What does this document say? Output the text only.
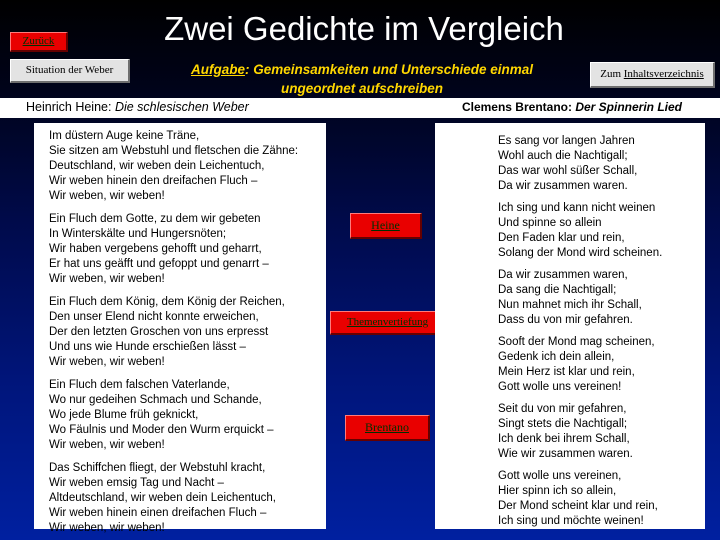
Zwei Gedichte im Vergleich
Zurück
Situation der Weber	Aufgabe: Gemeinsamkeiten und Unterschiede einmal ungeordnet aufschreiben
Zum Inhaltsverzeichnis
Heinrich Heine: Die schlesischen Weber	Clemens Brentano: Der Spinnerin Lied

Im düstern Auge keine Träne,
Sie sitzen am Webstuhl und fletschen die Zähne:
Deutschland, wir weben dein Leichentuch,
Wir weben hinein den dreifachen Fluch –
Wir weben, wir weben!

Ein Fluch dem Gotte, zu dem wir gebeten
In Winterskälte und Hungersnöten;
Wir haben vergebens gehofft und geharrt,
Er hat uns geäfft und gefoppt und genarrt –
Wir weben, wir weben!

Ein Fluch dem König, dem König der Reichen,
Den unser Elend nicht konnte erweichen,
Der den letzten Groschen von uns erpresst
Und uns wie Hunde erschießen lässt –
Wir weben, wir weben!

Ein Fluch dem falschen Vaterlande,
Wo nur gedeihen Schmach und Schande,
Wo jede Blume früh geknickt,
Wo Fäulnis und Moder den Wurm erquickt –
Wir weben, wir weben!

Das Schiffchen fliegt, der Webstuhl kracht,
Wir weben emsig Tag und Nacht –
Altdeutschland, wir weben dein Leichentuch,
Wir weben hinein einen dreifachen Fluch –
Wir weben, wir weben!

Heine
Themenvertiefung
Brentano

Es sang vor langen Jahren
Wohl auch die Nachtigall;
Das war wohl süßer Schall,
Da wir zusammen waren.

Ich sing und kann nicht weinen
Und spinne so allein
Den Faden klar und rein,
Solang der Mond wird scheinen.

Da wir zusammen waren,
Da sang die Nachtigall;
Nun mahnet mich ihr Schall,
Dass du von mir gefahren.

Sooft der Mond mag scheinen,
Gedenk ich dein allein,
Mein Herz ist klar und rein,
Gott wolle uns vereinen!

Seit du von mir gefahren,
Singt stets die Nachtigall;
Ich denk bei ihrem Schall,
Wie wir zusammen waren.

Gott wolle uns vereinen,
Hier spinn ich so allein,
Der Mond scheint klar und rein,
Ich sing und möchte weinen!
